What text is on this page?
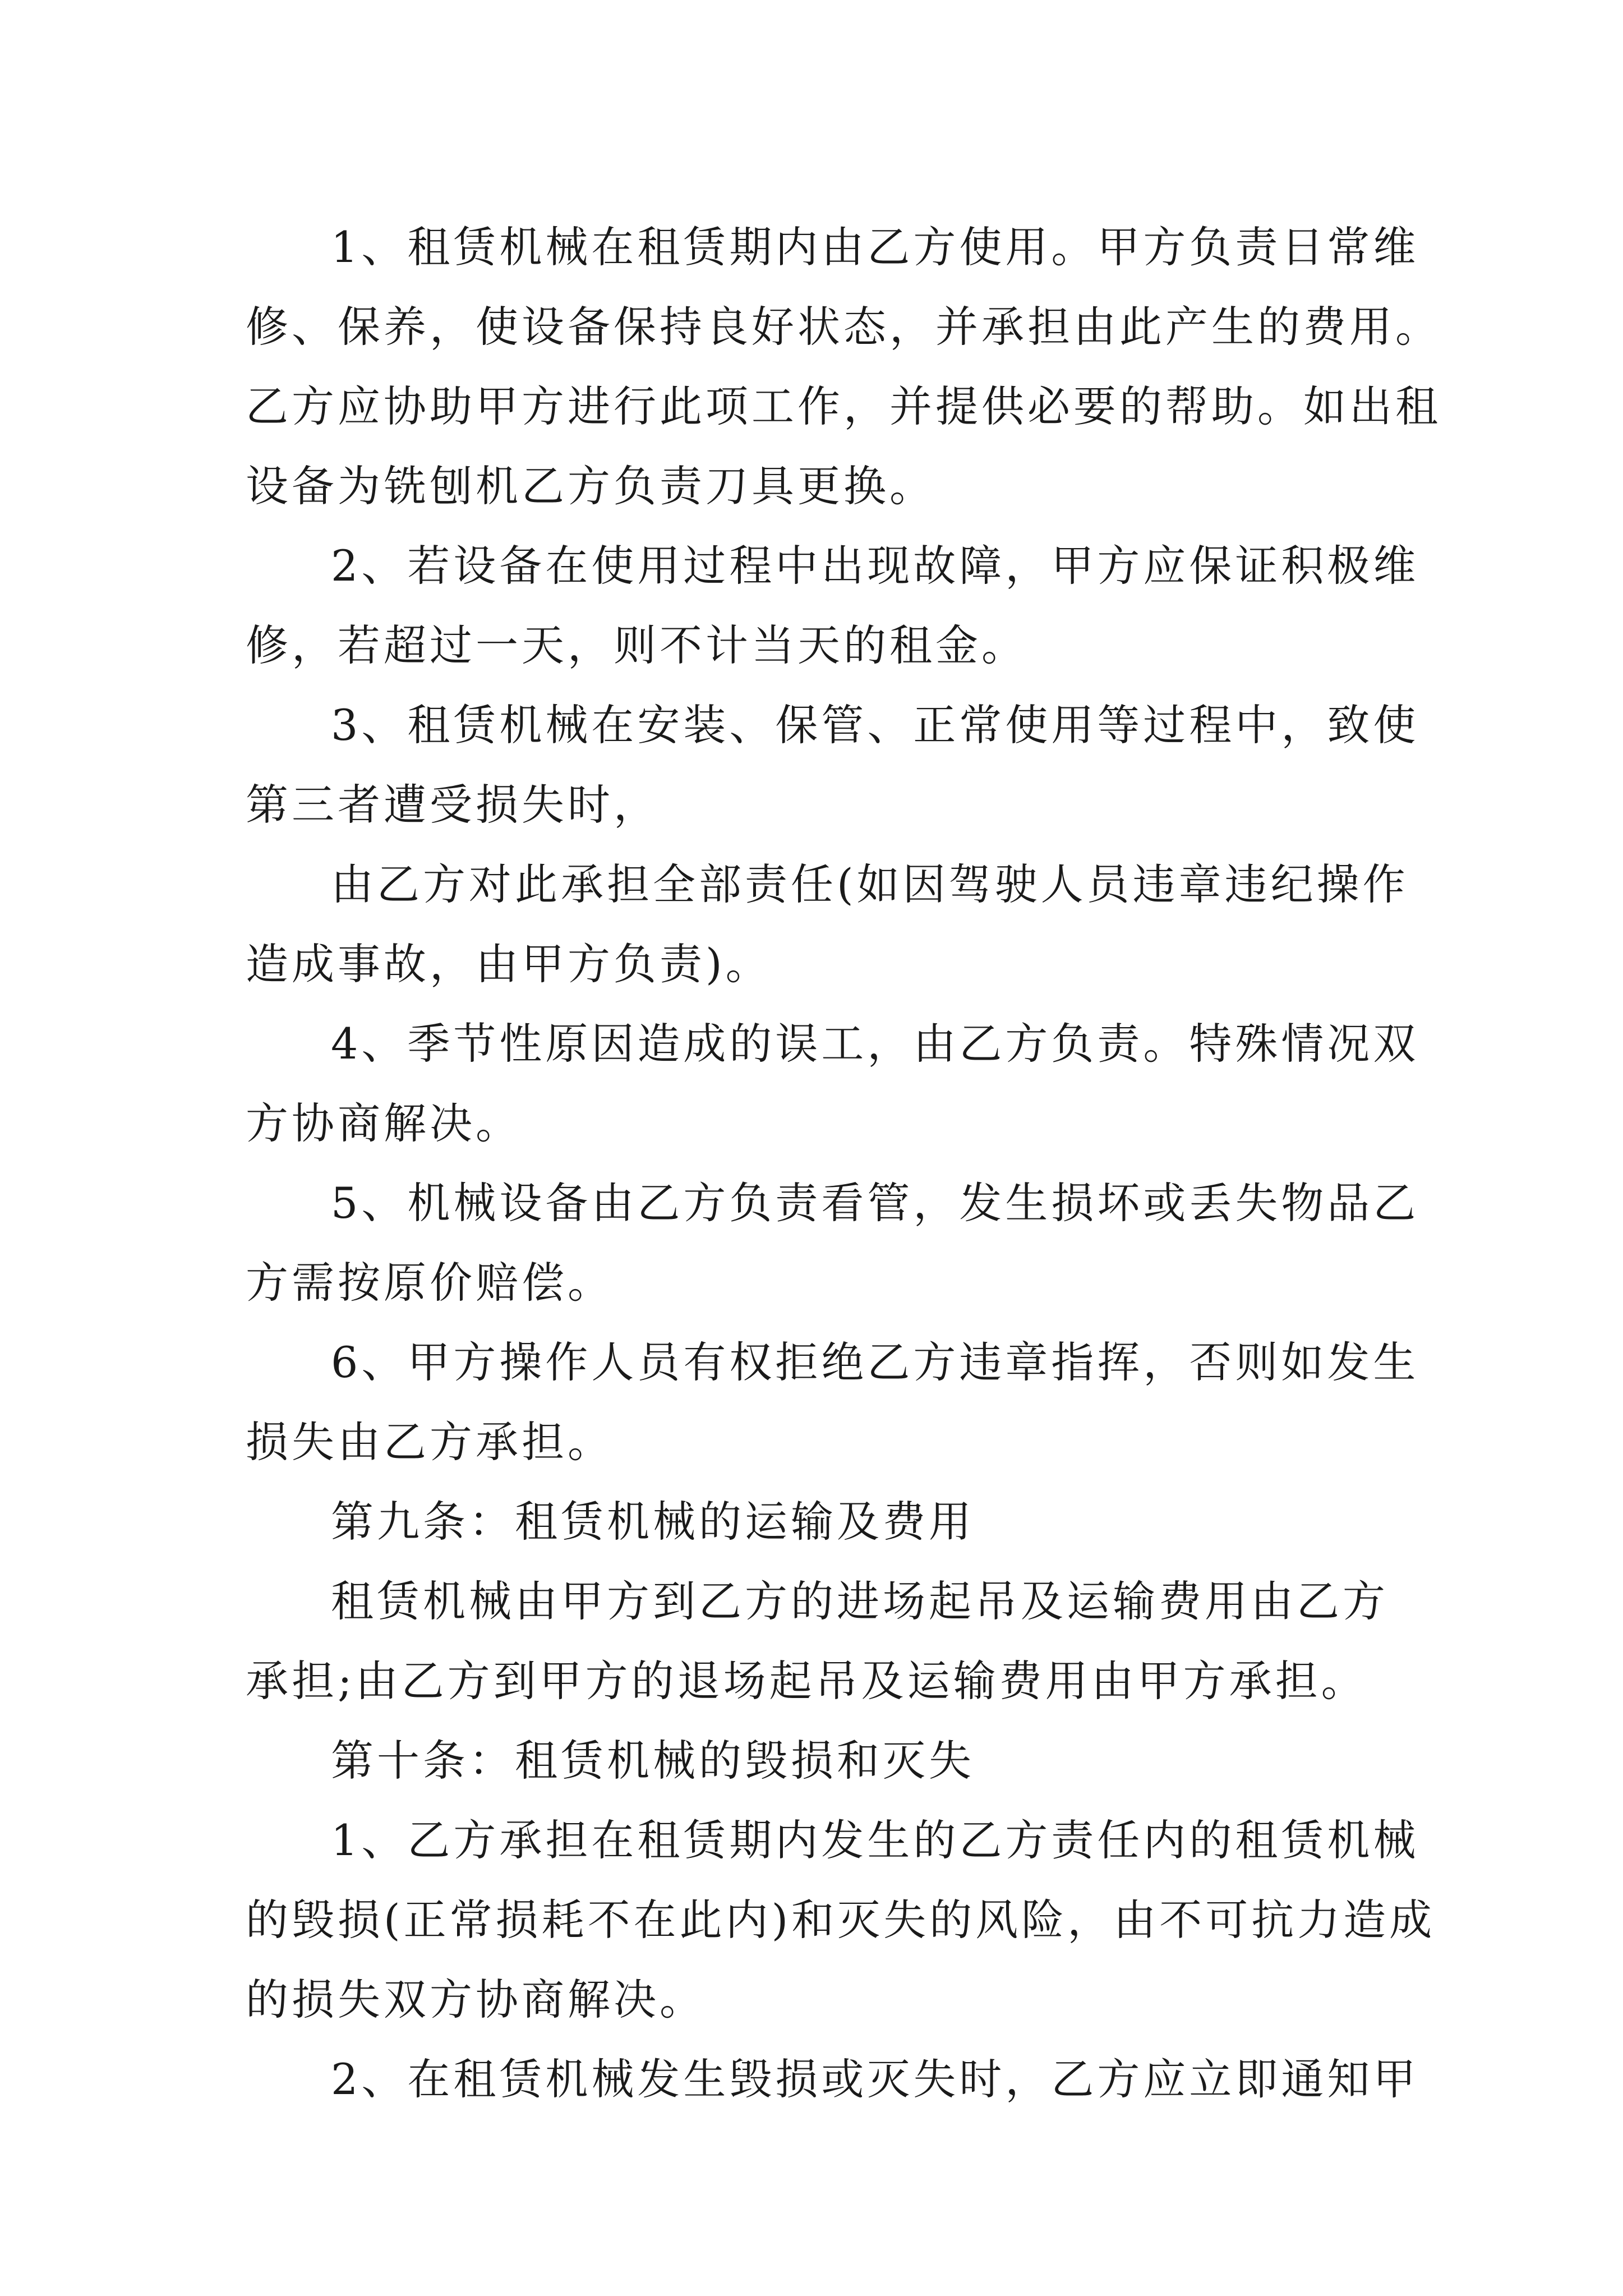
1、租赁机械在租赁期内由乙方使用。甲方负责日常维
修、保养，使设备保持良好状态，并承担由此产生的费用。
乙方应协助甲方进行此项工作，并提供必要的帮助。如出租
设备为铣刨机乙方负责刀具更换。
2、若设备在使用过程中出现故障，甲方应保证积极维
修，若超过一天，则不计当天的租金。
3、租赁机械在安装、保管、正常使用等过程中，致使
第三者遭受损失时，
由乙方对此承担全部责任(如因驾驶人员违章违纪操作
造成事故，由甲方负责)。
4、季节性原因造成的误工，由乙方负责。特殊情况双
方协商解决。
5、机械设备由乙方负责看管，发生损坏或丢失物品乙
方需按原价赔偿。
6、甲方操作人员有权拒绝乙方违章指挥，否则如发生
损失由乙方承担。
第九条：租赁机械的运输及费用
租赁机械由甲方到乙方的进场起吊及运输费用由乙方
承担;由乙方到甲方的退场起吊及运输费用由甲方承担。
第十条：租赁机械的毁损和灭失
1、乙方承担在租赁期内发生的乙方责任内的租赁机械
的毁损(正常损耗不在此内)和灭失的风险，由不可抗力造成
的损失双方协商解决。
2、在租赁机械发生毁损或灭失时，乙方应立即通知甲
